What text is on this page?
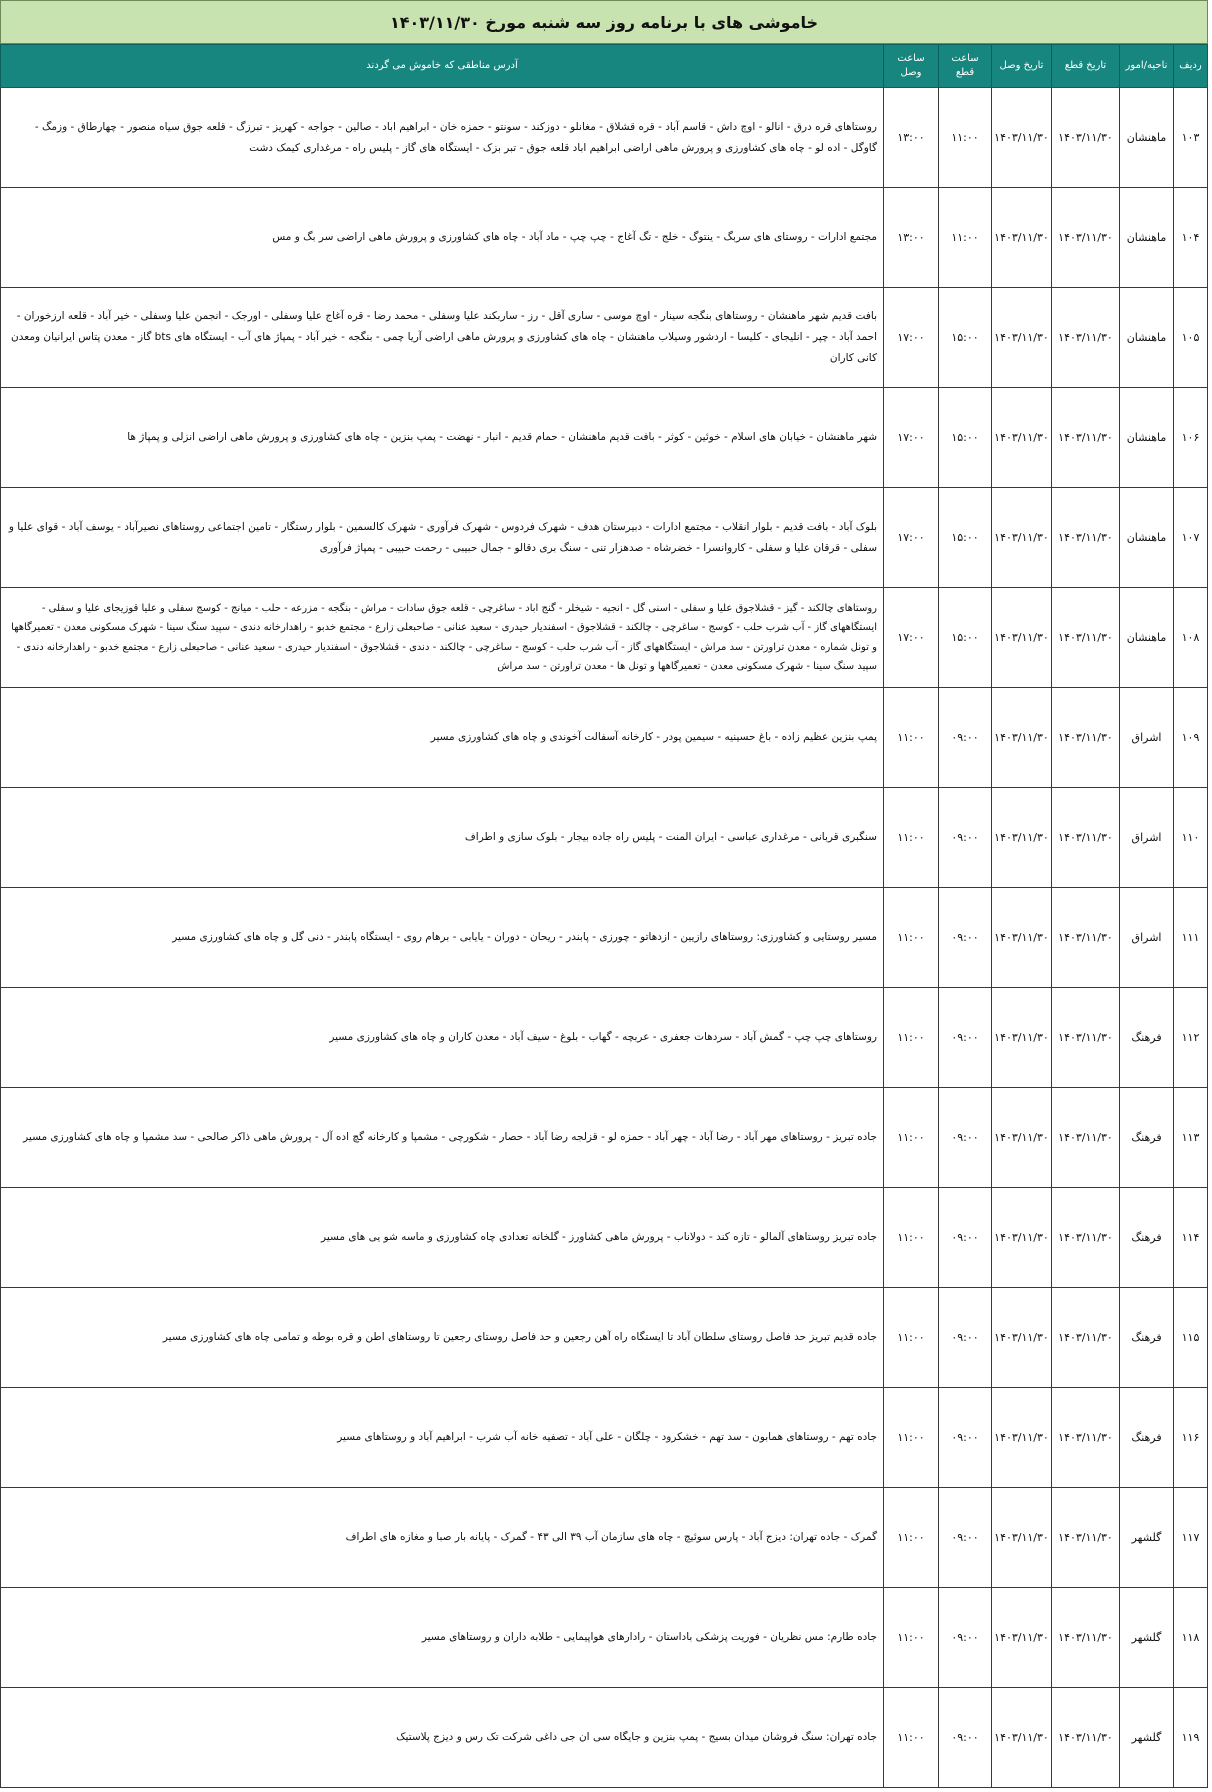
خاموشی های با برنامه روز سه شنبه مورخ ۱۴۰۳/۱۱/۳۰
ردیف	ناحیه/امور	تاریخ قطع	تاریخ وصل	ساعت قطع	ساعت وصل	آدرس مناطقی که خاموش می گردند
۱۰۳	ماهنشان	۱۴۰۳/۱۱/۳۰	۱۴۰۳/۱۱/۳۰	۱۱:۰۰	۱۳:۰۰	روستاهای قره درق - انالو - اوچ داش - قاسم آباد - قره قشلاق - مغانلو - دوزکند - سونتو - حمزه خان - ابراهیم اباد - صالین - جواجه - کهریز - تبرزگ - قلعه جوق سیاه منصور - چهارطاق - وزمگ - گاوگل - اده لو - چاه های کشاورزی و پرورش ماهی اراضی ابراهیم اباد قلعه جوق - تبر بزک - ایستگاه های گاز - پلیس راه - مرغداری کیمک دشت
۱۰۴	ماهنشان	۱۴۰۳/۱۱/۳۰	۱۴۰۳/۱۱/۳۰	۱۱:۰۰	۱۳:۰۰	مجتمع ادارات - روستای های سربگ - ینتوگ - خلج - تگ آغاج - چپ چپ - ماد آباد - چاه های کشاورزی و پرورش ماهی اراضی سر بگ و مس
۱۰۵	ماهنشان	۱۴۰۳/۱۱/۳۰	۱۴۰۳/۱۱/۳۰	۱۵:۰۰	۱۷:۰۰	بافت قدیم شهر ماهنشان - روستاهای بنگجه سینار - اوچ موسی - ساری آقل - رز - ساربکند علیا وسفلی - محمد رضا - قره آغاج علیا وسفلی - اورجک - انجمن علیا وسفلی - خیر آباد - قلعه ارزخوران - احمد آباد - چپر - انلیجای - کلیسا - اردشور وسیلاب ماهنشان - چاه های کشاورزی و پرورش ماهی اراضی آریا چمی - بنگجه - خیر آباد - پمپاژ های آب - ایستگاه های bts گاز - معدن پتاس ایرانیان ومعدن کانی کاران
۱۰۶	ماهنشان	۱۴۰۳/۱۱/۳۰	۱۴۰۳/۱۱/۳۰	۱۵:۰۰	۱۷:۰۰	شهر ماهنشان - خیابان های اسلام - خوئین - کوثر - بافت قدیم ماهنشان - حمام قدیم - انبار - نهضت - پمپ بنزین - چاه های کشاورزی و پرورش ماهی اراضی انزلی و پمپاژ ها
۱۰۷	ماهنشان	۱۴۰۳/۱۱/۳۰	۱۴۰۳/۱۱/۳۰	۱۵:۰۰	۱۷:۰۰	بلوک آباد - بافت قدیم - بلوار انقلاب - مجتمع ادارات - دبیرستان هدف - شهرک فردوس - شهرک فرآوری - شهرک کالسمین - بلوار رستگار - تامین اجتماعی روستاهای نصیرآباد - یوسف آباد - قوای علیا و سفلی - قرقان علیا و سفلی - کاروانسرا - خضرشاه - صدهزار تنی - سنگ بری دقالو - جمال حبیبی - رحمت حبیبی - پمپاژ فرآوری
۱۰۸	ماهنشان	۱۴۰۳/۱۱/۳۰	۱۴۰۳/۱۱/۳۰	۱۵:۰۰	۱۷:۰۰	روستاهای چالکند - گیز - قشلاجوق علیا و سفلی - اسنی گل - انجیه - شیخلر - گنج اباد - ساغرچی - قلعه جوق سادات - مراش - بنگجه - مزرعه - حلب - میانج - کوسج سفلی و علیا قوزیجای علیا و سفلی - ایستگاههای گاز - آب شرب حلب - کوسج - ساغرچی - چالکند - قشلاجوق - اسفندیار حیدری - سعید عنانی - صاحبعلی زارع - مجتمع خدبو - راهدارخانه دندی - سپید سنگ سینا - شهرک مسکونی معدن - تعمیرگاهها و تونل شماره - معدن تراورتن - سد مراش - ایستگاههای گاز - آب شرب حلب - کوسج - ساغرچی - چالکند - دندی - قشلاجوق - اسفندیار حیدری - سعید عنانی - صاحبعلی زارع - مجتمع خدبو - راهدارخانه دندی - سپید سنگ سینا - شهرک مسکونی معدن - تعمیرگاهها و تونل ها - معدن تراورتن - سد مراش
۱۰۹	اشراق	۱۴۰۳/۱۱/۳۰	۱۴۰۳/۱۱/۳۰	۰۹:۰۰	۱۱:۰۰	پمپ بنزین عظیم زاده - باغ حسینیه - سیمین پودر - کارخانه آسفالت آخوندی و چاه های کشاورزی مسیر
۱۱۰	اشراق	۱۴۰۳/۱۱/۳۰	۱۴۰۳/۱۱/۳۰	۰۹:۰۰	۱۱:۰۰	سنگبری قربانی - مرغداری عباسی - ایران المنت - پلیس راه جاده بیجار - بلوک سازی و اطراف
۱۱۱	اشراق	۱۴۰۳/۱۱/۳۰	۱۴۰۳/۱۱/۳۰	۰۹:۰۰	۱۱:۰۰	مسیر روستایی و کشاورزی: روستاهای رازیین - ازدهاتو - چورزی - پابندر - ریحان - دوران - یایابی - برهام روی - ایستگاه پابندر - دنی گل و چاه های کشاورزی مسیر
۱۱۲	فرهنگ	۱۴۰۳/۱۱/۳۰	۱۴۰۳/۱۱/۳۰	۰۹:۰۰	۱۱:۰۰	روستاهای چپ چپ - گمش آباد - سردهات جعفری - عربچه - گهاب - بلوغ - سیف آباد - معدن کاران و چاه های کشاورزی مسیر
۱۱۳	فرهنگ	۱۴۰۳/۱۱/۳۰	۱۴۰۳/۱۱/۳۰	۰۹:۰۰	۱۱:۰۰	جاده تبریز - روستاهای مهر آباد - رضا آباد - چهر آباد - حمزه لو - قزلجه رضا آباد - حصار - شکورچی - مشمپا و کارخانه گچ اده آل - پرورش ماهی ذاکر صالحی - سد مشمپا و چاه های کشاورزی مسیر
۱۱۴	فرهنگ	۱۴۰۳/۱۱/۳۰	۱۴۰۳/۱۱/۳۰	۰۹:۰۰	۱۱:۰۰	جاده تبریز روستاهای آلمالو - تازه کند - دولاناب - پرورش ماهی کشاورز - گلخانه تعدادی چاه کشاورزی و ماسه شو یی های مسیر
۱۱۵	فرهنگ	۱۴۰۳/۱۱/۳۰	۱۴۰۳/۱۱/۳۰	۰۹:۰۰	۱۱:۰۰	جاده قدیم تبریز حد فاصل روستای سلطان آباد تا ایستگاه راه آهن رجعین و حد فاصل روستای رجعین تا روستاهای اطن و قره بوطه و تمامی چاه های کشاورزی مسیر
۱۱۶	فرهنگ	۱۴۰۳/۱۱/۳۰	۱۴۰۳/۱۱/۳۰	۰۹:۰۰	۱۱:۰۰	جاده تهم - روستاهای همابون - سد تهم - خشکرود - چلگان - علی آباد - تصفیه خانه آب شرب - ابراهیم آباد و روستاهای مسیر
۱۱۷	گلشهر	۱۴۰۳/۱۱/۳۰	۱۴۰۳/۱۱/۳۰	۰۹:۰۰	۱۱:۰۰	گمرک - جاده تهران: دیزج آباد - پارس سوئیچ - چاه های سازمان آب ۳۹ الی ۴۳ - گمرک - پایانه بار صبا و مغازه های اطراف
۱۱۸	گلشهر	۱۴۰۳/۱۱/۳۰	۱۴۰۳/۱۱/۳۰	۰۹:۰۰	۱۱:۰۰	جاده طارم: مس نظریان - فوریت پزشکی باداستان - رادارهای هواپیمایی - طلابه داران و روستاهای مسیر
۱۱۹	گلشهر	۱۴۰۳/۱۱/۳۰	۱۴۰۳/۱۱/۳۰	۰۹:۰۰	۱۱:۰۰	جاده تهران: سنگ فروشان میدان بسیج - پمپ بنزین و جایگاه سی ان جی داغی شرکت تک رس و دیزج پلاستیک
